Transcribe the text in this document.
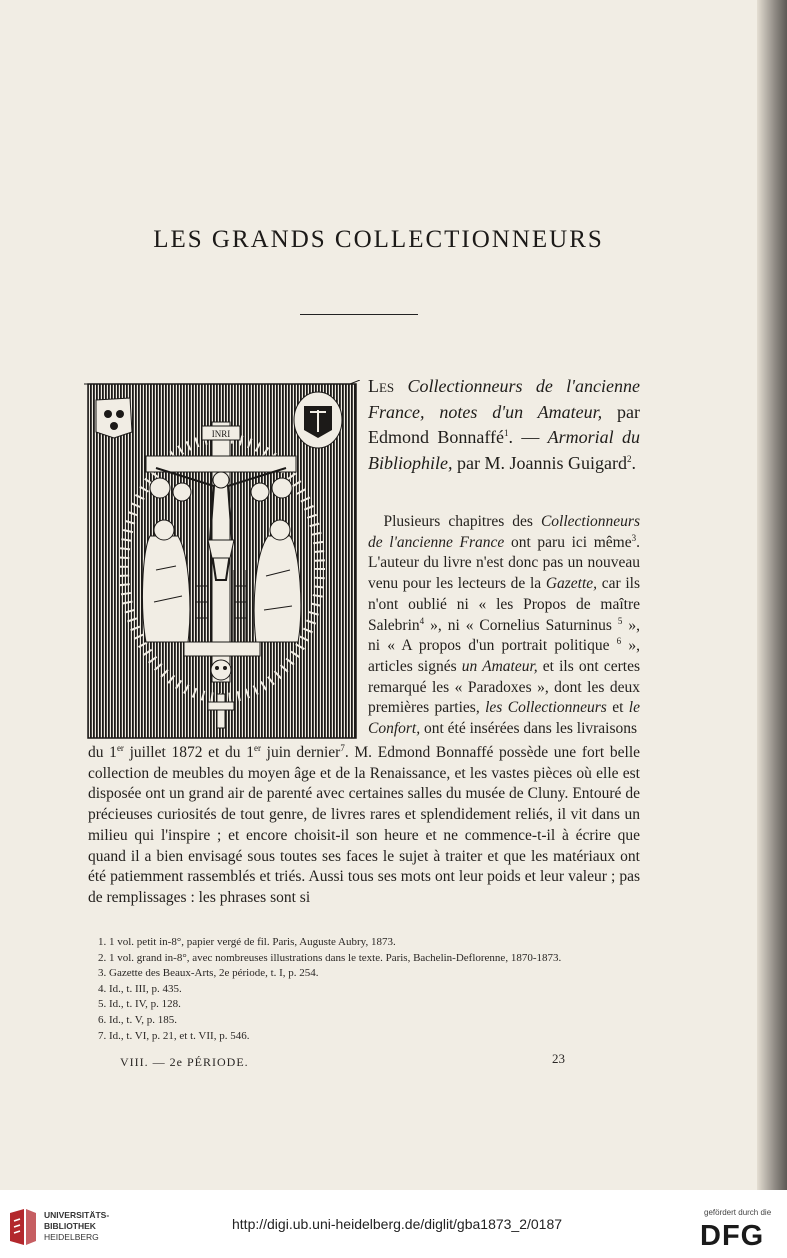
LES GRANDS COLLECTIONNEURS
INRI

Les Collectionneurs de l'ancienne France, notes d'un Amateur, par Edmond Bonnaffé$^1$. — Armorial du Bibliophile, par M. Joannis Guigard$^2$.

 Plusieurs chapitres des Collectionneurs de l'ancienne France ont paru ici même$^3$. L'auteur du livre n'est donc pas un nouveau venu pour les lecteurs de la Gazette, car ils n'ont oublié ni « les Propos de maître Salebrin$^4$ », ni « Cornelius Saturninus $^5$ », ni « A propos d'un portrait politique $^6$ », articles signés un Amateur, et ils ont certes remarqué les « Paradoxes », dont les deux premières parties, les Collectionneurs et le Confort, ont été insérées dans les livraisons

du 1er juillet 1872 et du 1er juin dernier$^7$. M. Edmond Bonnaffé possède une fort belle collection de meubles du moyen âge et de la Renaissance, et les vastes pièces où elle est disposée ont un grand air de parenté avec certaines salles du musée de Cluny. Entouré de précieuses curiosités de tout genre, de livres rares et splendidement reliés, il vit dans un milieu qui l'inspire ; et encore choisit-il son heure et ne commence-t-il à écrire que quand il a bien envisagé sous toutes ses faces le sujet à traiter et que les matériaux ont été patiemment rassemblés et triés. Aussi tous ses mots ont leur poids et leur valeur ; pas de remplissages : les phrases sont si

1. 1 vol. petit in-8°, papier vergé de fil. Paris, Auguste Aubry, 1873.
2. 1 vol. grand in-8°, avec nombreuses illustrations dans le texte. Paris, Bachelin-Deflorenne, 1870-1873.
3. Gazette des Beaux-Arts, 2e période, t. I, p. 254.
4. Id., t. III, p. 435.
5. Id., t. IV, p. 128.
6. Id., t. V, p. 185.
7. Id., t. VI, p. 21, et t. VII, p. 546.
VIII. — 2e PÉRIODE.	23
UNIVERSITÄTS-
BIBLIOTHEK
HEIDELBERG
http://digi.ub.uni-heidelberg.de/diglit/gba1873_2/0187
gefördert durch die
DFG
